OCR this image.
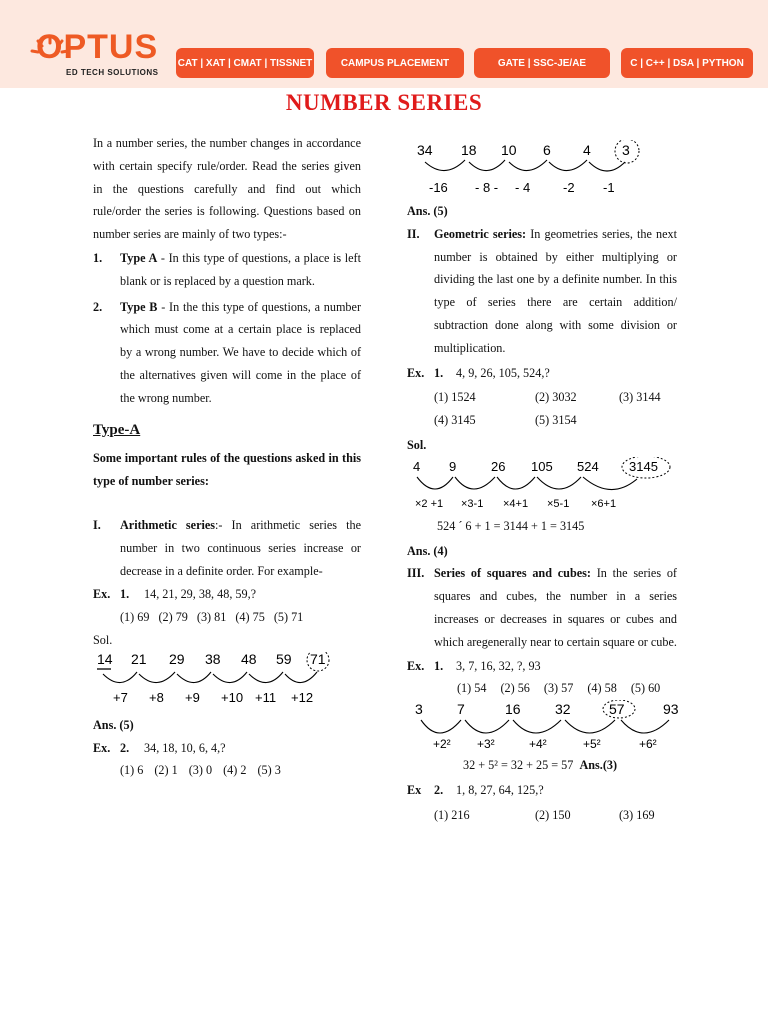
OPTUS
ED TECH SOLUTIONS
CAT | XAT | CMAT | TISSNET	CAMPUS PLACEMENT	GATE | SSC-JE/AE	C | C++ | DSA | PYTHON
NUMBER SERIES

In a number series, the number changes in accordance with certain specify rule/order. Read the series given in the questions carefully and find out which rule/order the series is following. Questions based on number series are mainly of two types:-

1.	Type A - In this type of questions, a place is left blank or is replaced by a question mark.
2.	Type B - In the this type of questions, a number which must come at a certain place is replaced by a wrong number. We have to decide which of the alternatives given will come in the place of the wrong number.
Type-A

Some important rules of the questions asked in this type of number series:

I.	Arithmetic series:- In arithmetic series the number in two continuous series increase or decrease in a definite order. For example-
Ex. 1.	14, 21, 29, 38, 48, 59,?
(1) 69 (2) 79 (3) 81 (4) 75 (5) 71

Sol.

14 21 29 38 48 59 71
+7 +8 +9 +10 +11 +12

Ans. (5)

Ex. 2.	34, 18, 10, 6, 4,?
(1) 6 (2) 1 (3) 0 (4) 2 (5) 3
34 18 10 6 4 3
-16 - 8 - - 4	-2 -1

Ans. (5)

II.	Geometric series: In geometries series, the next number is obtained by either multiplying or dividing the last one by a definite number. In this type of series there are certain addition/ subtraction done along with some division or multiplication.
Ex. 1.	4, 9, 26, 105, 524,?
(1) 1524	(2) 3032	(3) 3144
(4) 3145	(5) 3154

Sol.

4 9	26 105 524 3145
×2 +1 ×3-1 ×4+1 ×5-1 ×6+1

524 ´ 6 + 1 = 3144 + 1 = 3145

Ans. (4)

III. Series of squares and cubes: In the series of squares and cubes, the number in a series increases or decreases in squares or cubes and which aregenerally near to certain square or cube.
Ex. 1.	3, 7, 16, 32, ?, 93
(1) 54 (2) 56 (3) 57 (4) 58 (5) 60
3 7	16 32	57	93
+2² +3²	+4²	+5²	+6²

32 + 5² = 32 + 25 = 57 Ans.(3)

Ex	2.	1, 8, 27, 64, 125,?
(1) 216	(2) 150	(3) 169
